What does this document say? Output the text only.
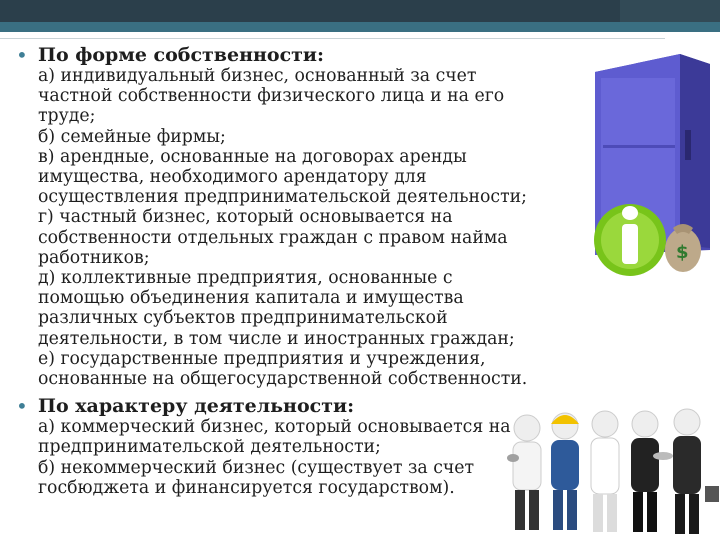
$
• По форме собственности:

а) индивидуальный бизнес, основанный за счет

частной собственности физического лица и на его

труде;

б) семейные фирмы;

в) арендные, основанные на договорах аренды

имущества, необходимого арендатору для

осуществления предпринимательской деятельности;

г) частный бизнес, который основывается на

собственности отдельных граждан с правом найма

работников;

д) коллективные предприятия, основанные с

помощью объединения капитала и имущества

различных субъектов предпринимательской

деятельности, в том числе и иностранных граждан;

е) государственные предприятия и учреждения,

основанные на общегосударственной собственности.

• По характеру деятельности:

а) коммерческий бизнес, который основывается на

предпринимательской деятельности;

б) некоммерческий бизнес (существует за счет

госбюджета и финансируется государством).
